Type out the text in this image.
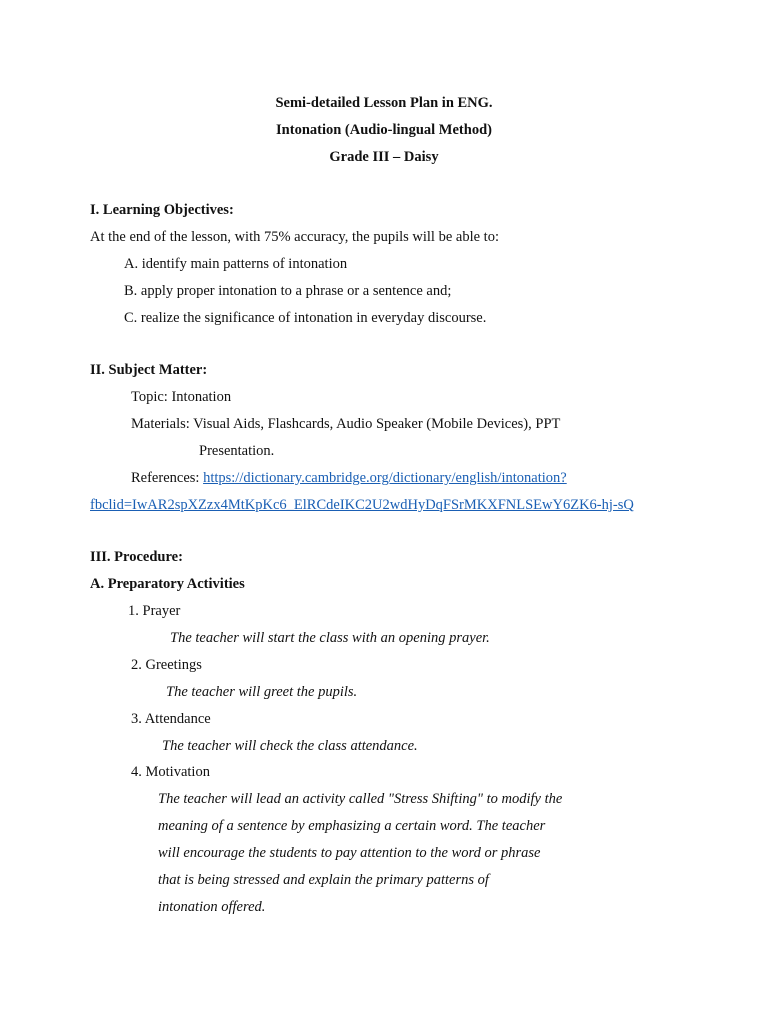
Semi-detailed Lesson Plan in ENG.
Intonation (Audio-lingual Method)
Grade III – Daisy
I. Learning Objectives:
At the end of the lesson, with 75% accuracy, the pupils will be able to:
A. identify main patterns of intonation
B. apply proper intonation to a phrase or a sentence and;
C. realize the significance of intonation in everyday discourse.
II. Subject Matter:
Topic: Intonation
Materials: Visual Aids, Flashcards, Audio Speaker (Mobile Devices), PPT
Presentation.
References: https://dictionary.cambridge.org/dictionary/english/intonation?
fbclid=IwAR2spXZzx4MtKpKc6_ElRCdeIKC2U2wdHyDqFSrMKXFNLSEwY6ZK6-hj-sQ
III. Procedure:
A. Preparatory Activities
1. Prayer
The teacher will start the class with an opening prayer.
2. Greetings
The teacher will greet the pupils.
3. Attendance
The teacher will check the class attendance.
4. Motivation
The teacher will lead an activity called "Stress Shifting" to modify the
meaning of a sentence by emphasizing a certain word. The teacher
will encourage the students to pay attention to the word or phrase
that is being stressed and explain the primary patterns of
intonation offered.
